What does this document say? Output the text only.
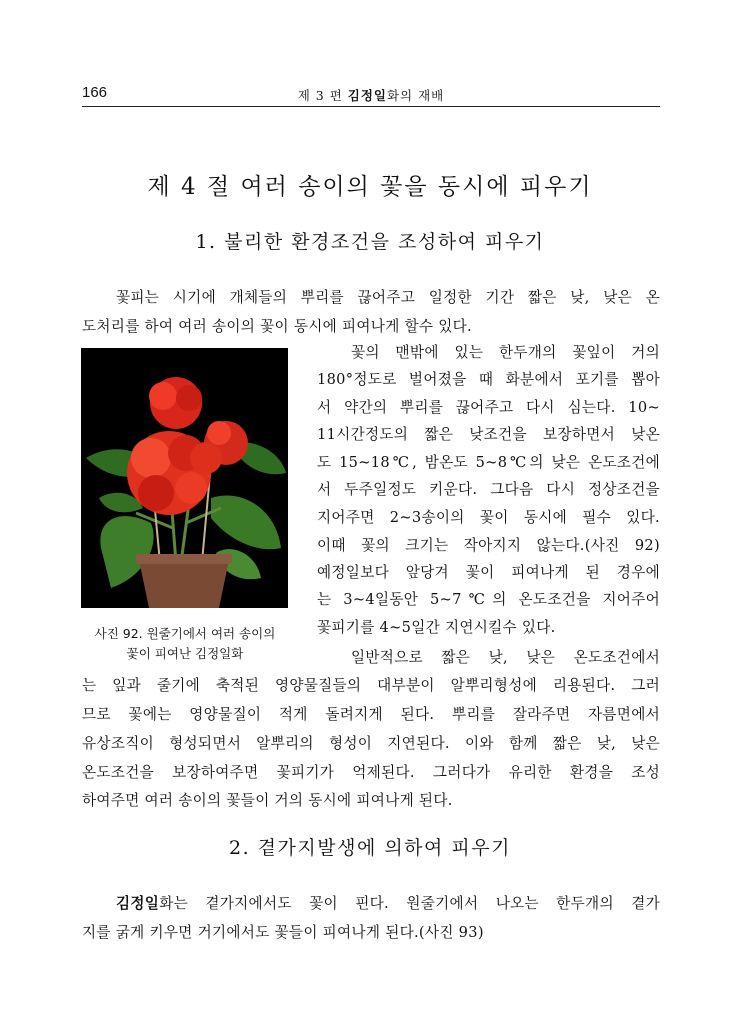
166	제 3 편 김정일화의 재배
제 4 절 여러 송이의 꽃을 동시에 피우기
1. 불리한 환경조건을 조성하여 피우기
꽃피는 시기에 개체들의 뿌리를 끊어주고 일정한 기간 짧은 낮, 낮은 온
도처리를 하여 여러 송이의 꽃이 동시에 피여나게 할수 있다.
사진 92. 원줄기에서 여러 송이의
꽃이 피여난 김정일화
꽃의 맨밖에 있는 한두개의 꽃잎이 거의
180°정도로 벌어졌을 때 화분에서 포기를 뽑아
서 약간의 뿌리를 끊어주고 다시 심는다. 10~
11시간정도의 짧은 낮조건을 보장하면서 낮온
도 15~18℃, 밤온도 5~8℃의 낮은 온도조건에
서 두주일정도 키운다. 그다음 다시 정상조건을
지어주면 2~3송이의 꽃이 동시에 필수 있다.
이때 꽃의 크기는 작아지지 않는다.(사진 92)
예정일보다 앞당겨 꽃이 피여나게 된 경우에
는 3~4일동안 5~7℃의 온도조건을 지어주어
꽃피기를 4~5일간 지연시킬수 있다.
일반적으로 짧은 낮, 낮은 온도조건에서
는 잎과 줄기에 축적된 영양물질들의 대부분이 알뿌리형성에 리용된다. 그러
므로 꽃에는 영양물질이 적게 돌려지게 된다. 뿌리를 잘라주면 자름면에서
유상조직이 형성되면서 알뿌리의 형성이 지연된다. 이와 함께 짧은 낮, 낮은
온도조건을 보장하여주면 꽃피기가 억제된다. 그러다가 유리한 환경을 조성
하여주면 여러 송이의 꽃들이 거의 동시에 피여나게 된다.
2. 곁가지발생에 의하여 피우기
김정일화는 곁가지에서도 꽃이 핀다. 원줄기에서 나오는 한두개의 곁가
지를 굵게 키우면 거기에서도 꽃들이 피여나게 된다.(사진 93)
